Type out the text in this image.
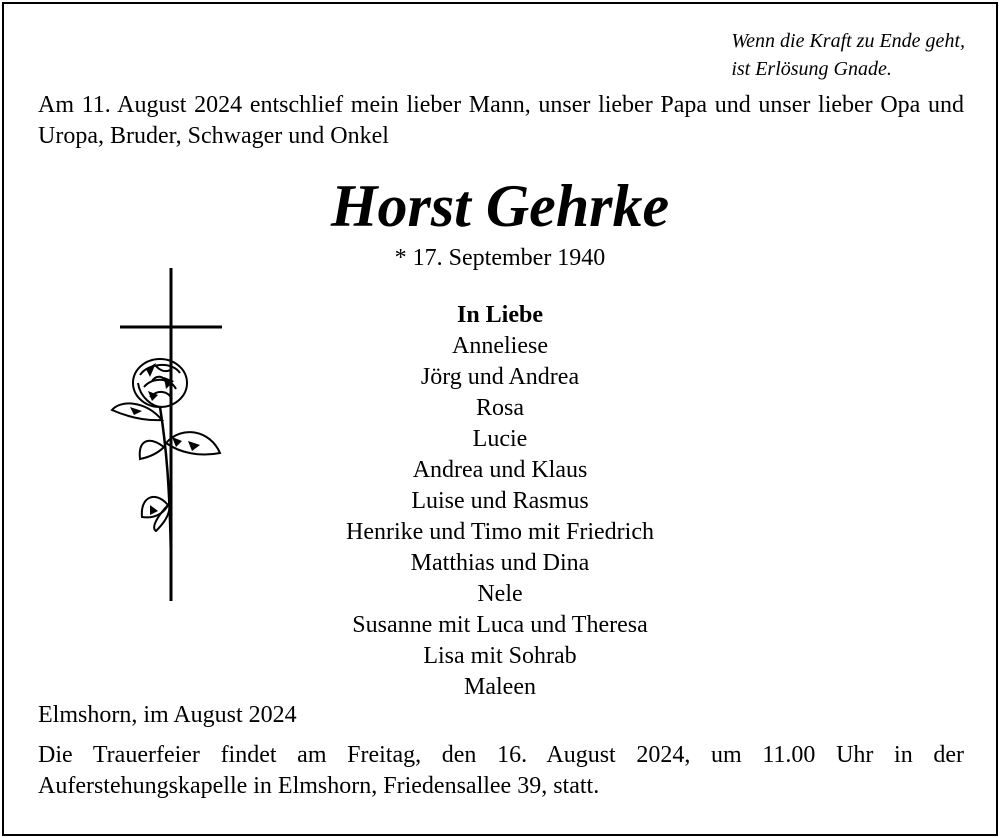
Wenn die Kraft zu Ende geht,
ist Erlösung Gnade.
Am 11. August 2024 entschlief mein lieber Mann, unser lieber Papa und unser lieber Opa und Uropa, Bruder, Schwager und Onkel
Horst Gehrke
* 17. September 1940
In Liebe
Anneliese
Jörg und Andrea
Rosa
Lucie
Andrea und Klaus
Luise und Rasmus
Henrike und Timo mit Friedrich
Matthias und Dina
Nele
Susanne mit Luca und Theresa
Lisa mit Sohrab
Maleen
Elmshorn, im August 2024
Die Trauerfeier findet am Freitag, den 16. August 2024, um 11.00 Uhr in der Auferstehungskapelle in Elmshorn, Friedensallee 39, statt.
